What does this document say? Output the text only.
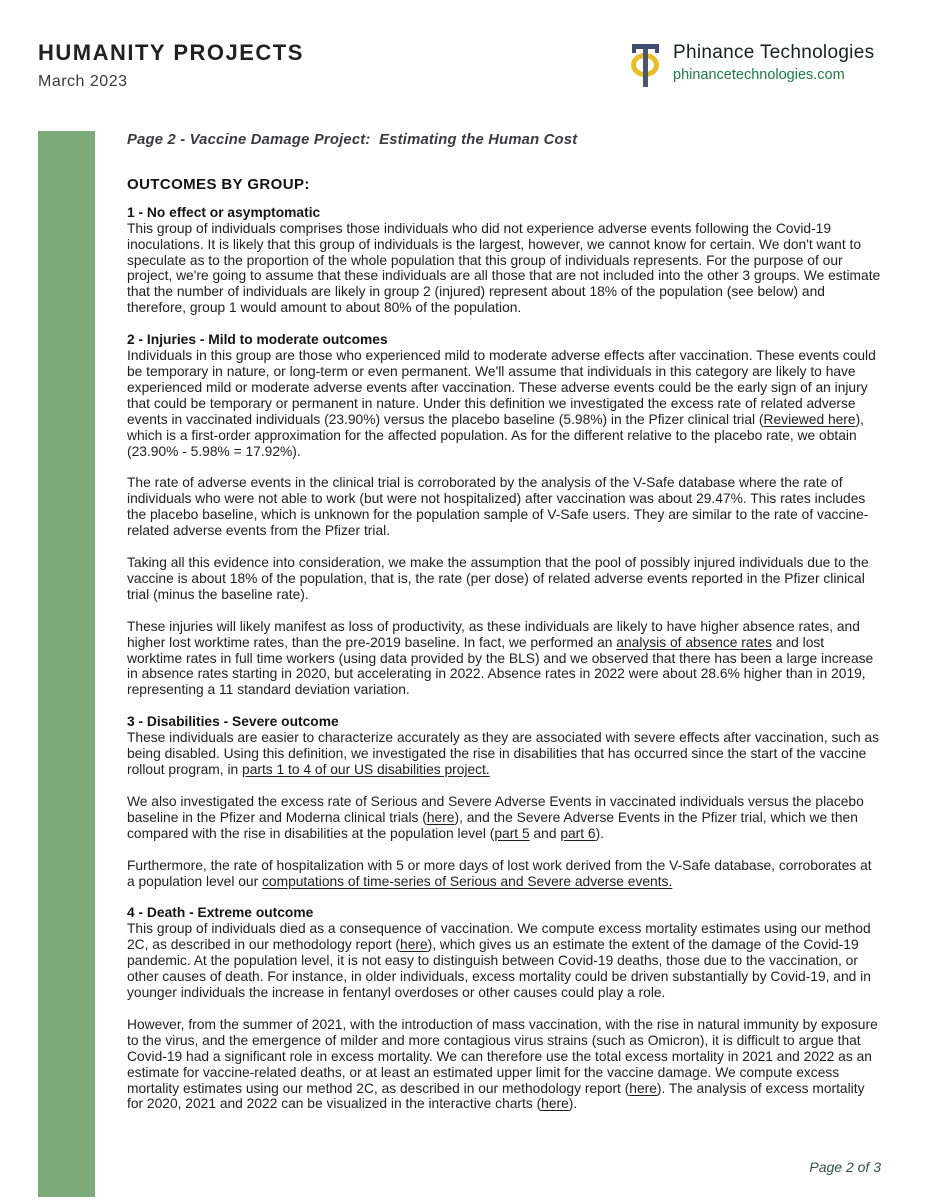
HUMANITY PROJECTS
March 2023
Phinance Technologies
phinancetechnologies.com
Page 2 - Vaccine Damage Project:  Estimating the Human Cost
OUTCOMES BY GROUP:
1 - No effect or asymptomatic

This group of individuals comprises those individuals who did not experience adverse events following the Covid-19 inoculations. It is likely that this group of individuals is the largest, however, we cannot know for certain. We don't want to speculate as to the proportion of the whole population that this group of individuals represents. For the purpose of our project, we're going to assume that these individuals are all those that are not included into the other 3 groups. We estimate that the number of individuals are likely in group 2 (injured) represent about 18% of the population (see below) and therefore, group 1 would amount to about 80% of the population.

2 - Injuries - Mild to moderate outcomes

Individuals in this group are those who experienced mild to moderate adverse effects after vaccination. These events could be temporary in nature, or long-term or even permanent. We'll assume that individuals in this category are likely to have experienced mild or moderate adverse events after vaccination. These adverse events could be the early sign of an injury that could be temporary or permanent in nature. Under this definition we investigated the excess rate of related adverse events in vaccinated individuals (23.90%) versus the placebo baseline (5.98%) in the Pfizer clinical trial (Reviewed here), which is a first-order approximation for the affected population. As for the different relative to the placebo rate, we obtain (23.90% - 5.98% = 17.92%).

The rate of adverse events in the clinical trial is corroborated by the analysis of the V-Safe database where the rate of individuals who were not able to work (but were not hospitalized) after vaccination was about 29.47%. This rates includes the placebo baseline, which is unknown for the population sample of V-Safe users. They are similar to the rate of vaccine-related adverse events from the Pfizer trial.

Taking all this evidence into consideration, we make the assumption that the pool of possibly injured individuals due to the vaccine is about 18% of the population, that is, the rate (per dose) of related adverse events reported in the Pfizer clinical trial (minus the baseline rate).

These injuries will likely manifest as loss of productivity, as these individuals are likely to have higher absence rates, and higher lost worktime rates, than the pre-2019 baseline. In fact, we performed an analysis of absence rates and lost worktime rates in full time workers (using data provided by the BLS) and we observed that there has been a large increase in absence rates starting in 2020, but accelerating in 2022. Absence rates in 2022 were about 28.6% higher than in 2019, representing a 11 standard deviation variation.

3 - Disabilities - Severe outcome

These individuals are easier to characterize accurately as they are associated with severe effects after vaccination, such as being disabled. Using this definition, we investigated the rise in disabilities that has occurred since the start of the vaccine rollout program, in parts 1 to 4 of our US disabilities project.

We also investigated the excess rate of Serious and Severe Adverse Events in vaccinated individuals versus the placebo baseline in the Pfizer and Moderna clinical trials (here), and the Severe Adverse Events in the Pfizer trial, which we then compared with the rise in disabilities at the population level (part 5 and part 6).

Furthermore, the rate of hospitalization with 5 or more days of lost work derived from the V-Safe database, corroborates at a population level our computations of time-series of Serious and Severe adverse events.

4 - Death - Extreme outcome

This group of individuals died as a consequence of vaccination. We compute excess mortality estimates using our method 2C, as described in our methodology report (here), which gives us an estimate the extent of the damage of the Covid-19 pandemic. At the population level, it is not easy to distinguish between Covid-19 deaths, those due to the vaccination, or other causes of death. For instance, in older individuals, excess mortality could be driven substantially by Covid-19, and in younger individuals the increase in fentanyl overdoses or other causes could play a role.

However, from the summer of 2021, with the introduction of mass vaccination, with the rise in natural immunity by exposure to the virus, and the emergence of milder and more contagious virus strains (such as Omicron), it is difficult to argue that Covid-19 had a significant role in excess mortality. We can therefore use the total excess mortality in 2021 and 2022 as an estimate for vaccine-related deaths, or at least an estimated upper limit for the vaccine damage. We compute excess mortality estimates using our method 2C, as described in our methodology report (here). The analysis of excess mortality for 2020, 2021 and 2022 can be visualized in the interactive charts (here).

Page 2 of 3
